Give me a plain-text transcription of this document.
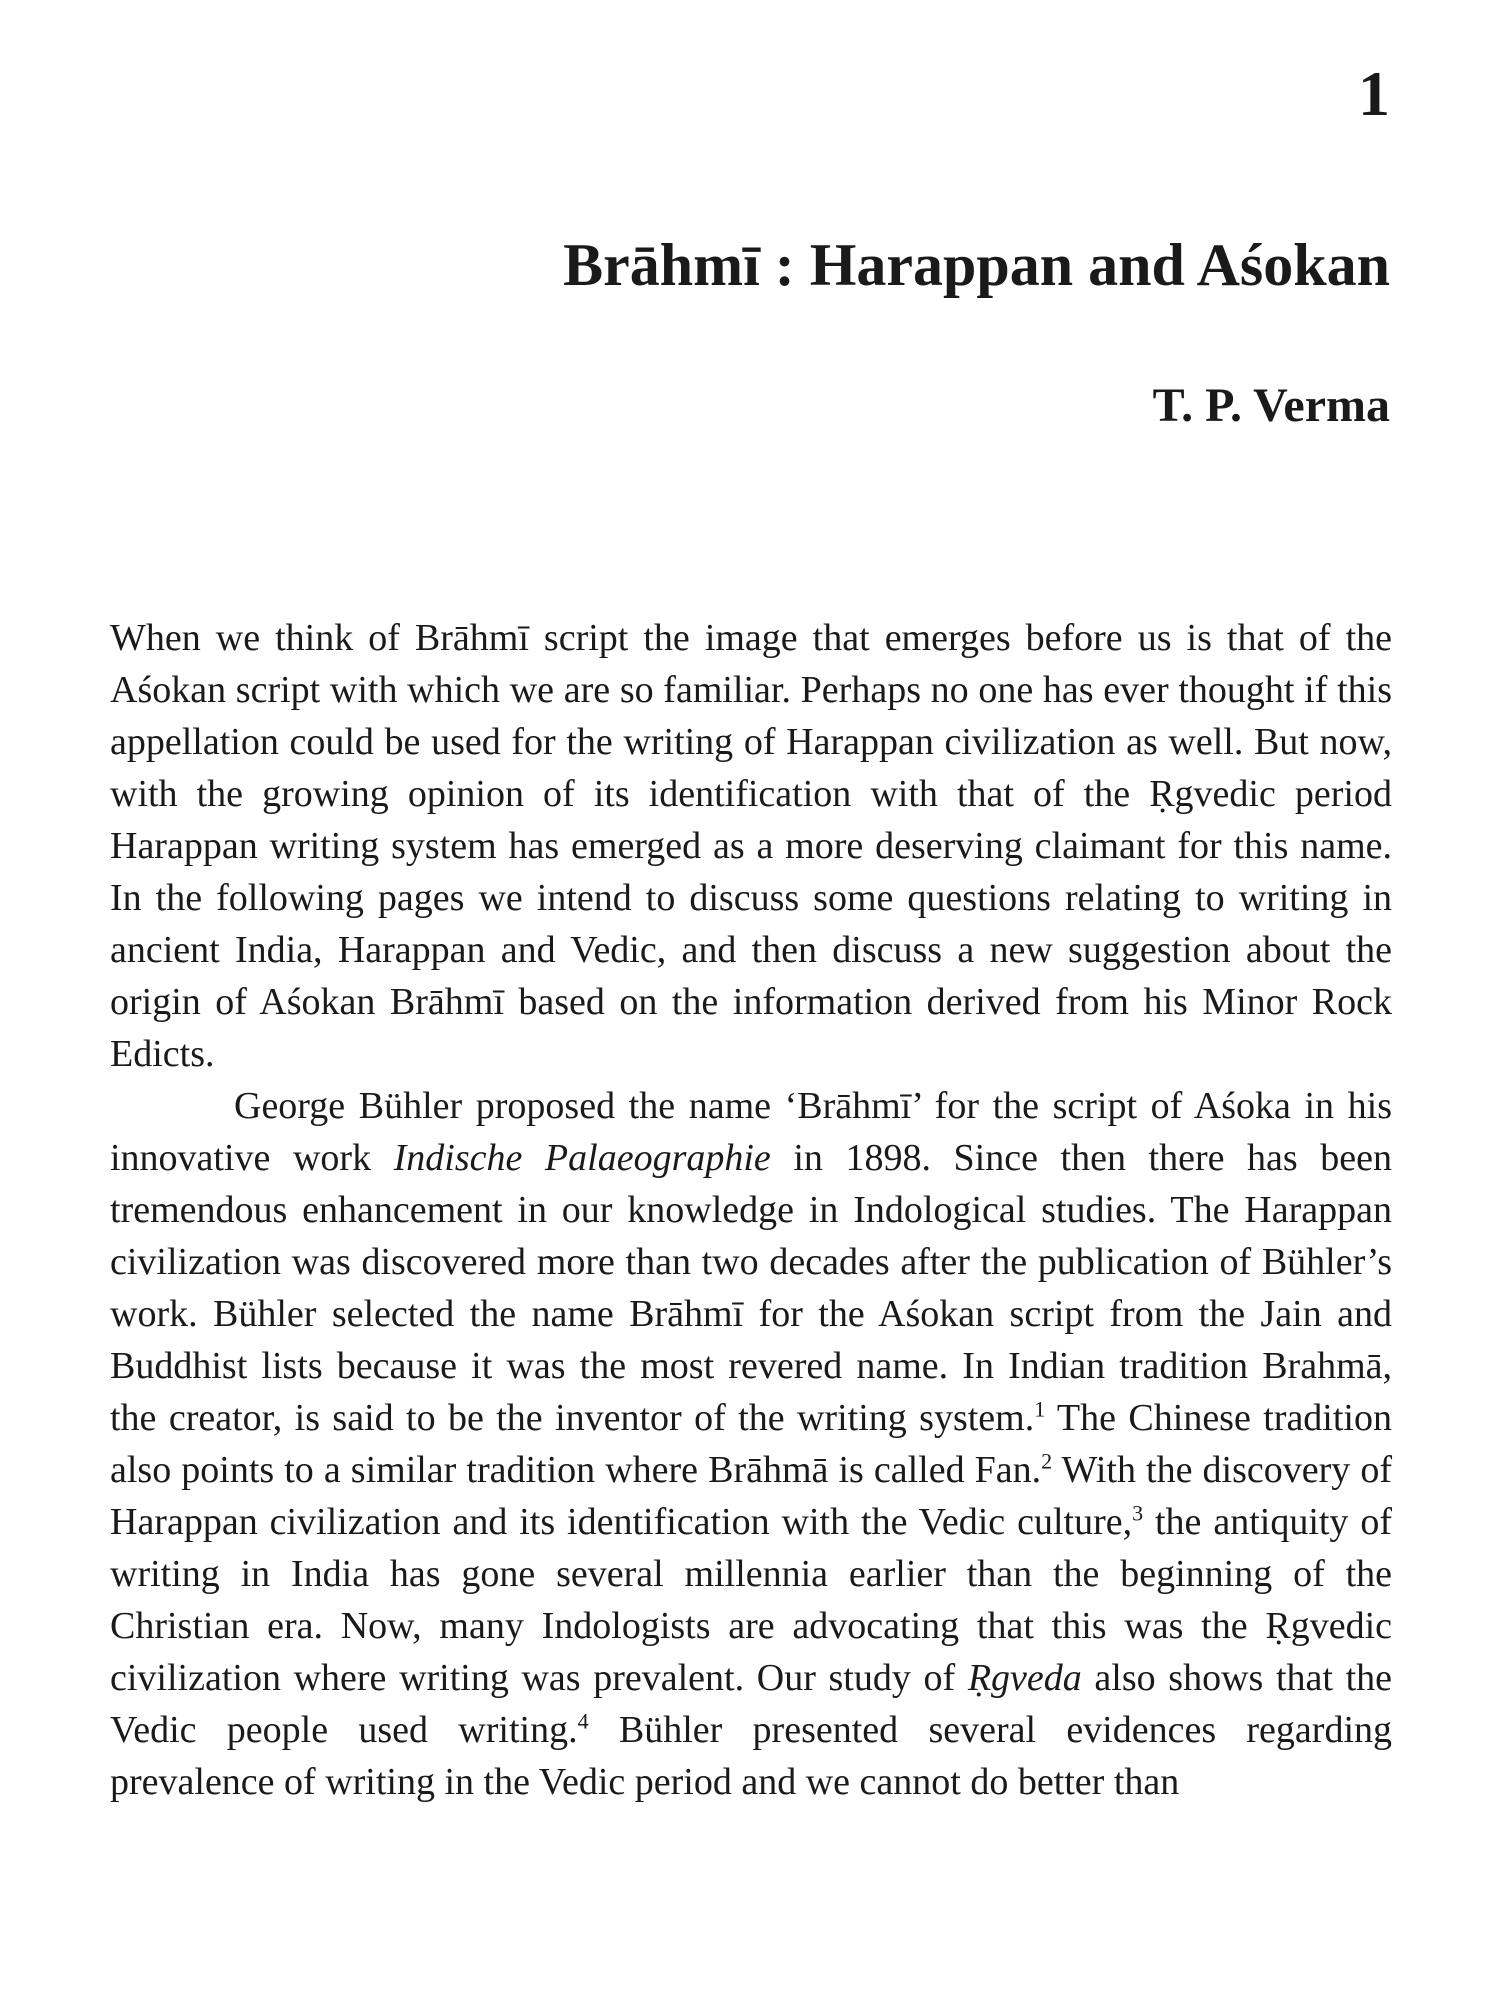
1
Brāhmī : Harappan and Aśokan
T. P. Verma

When we think of Brāhmī script the image that emerges before us is that of the Aśokan script with which we are so familiar. Perhaps no one has ever thought if this appellation could be used for the writing of Harappan civilization as well. But now, with the growing opinion of its identification with that of the Ṛgvedic period Harappan writing system has emerged as a more deserving claimant for this name. In the following pages we intend to discuss some questions relating to writing in ancient India, Harappan and Vedic, and then discuss a new suggestion about the origin of Aśokan Brāhmī based on the information derived from his Minor Rock Edicts.

George Bühler proposed the name ‘Brāhmī’ for the script of Aśoka in his innovative work Indische Palaeographie in 1898. Since then there has been tremendous enhancement in our knowledge in Indological studies. The Harappan civilization was discovered more than two decades after the publication of Bühler’s work. Bühler selected the name Brāhmī for the Aśokan script from the Jain and Buddhist lists because it was the most revered name. In Indian tradition Brahmā, the creator, is said to be the inventor of the writing system.$^1$ The Chinese tradition also points to a similar tradition where Brāhmā is called Fan.$^2$ With the discovery of Harappan civilization and its identification with the Vedic culture,$^3$ the antiquity of writing in India has gone several millennia earlier than the beginning of the Christian era. Now, many Indologists are advocating that this was the Ṛgvedic civilization where writing was prevalent. Our study of Ṛgveda also shows that the Vedic people used writing.$^4$ Bühler presented several evidences regarding prevalence of writing in the Vedic period and we cannot do better than
